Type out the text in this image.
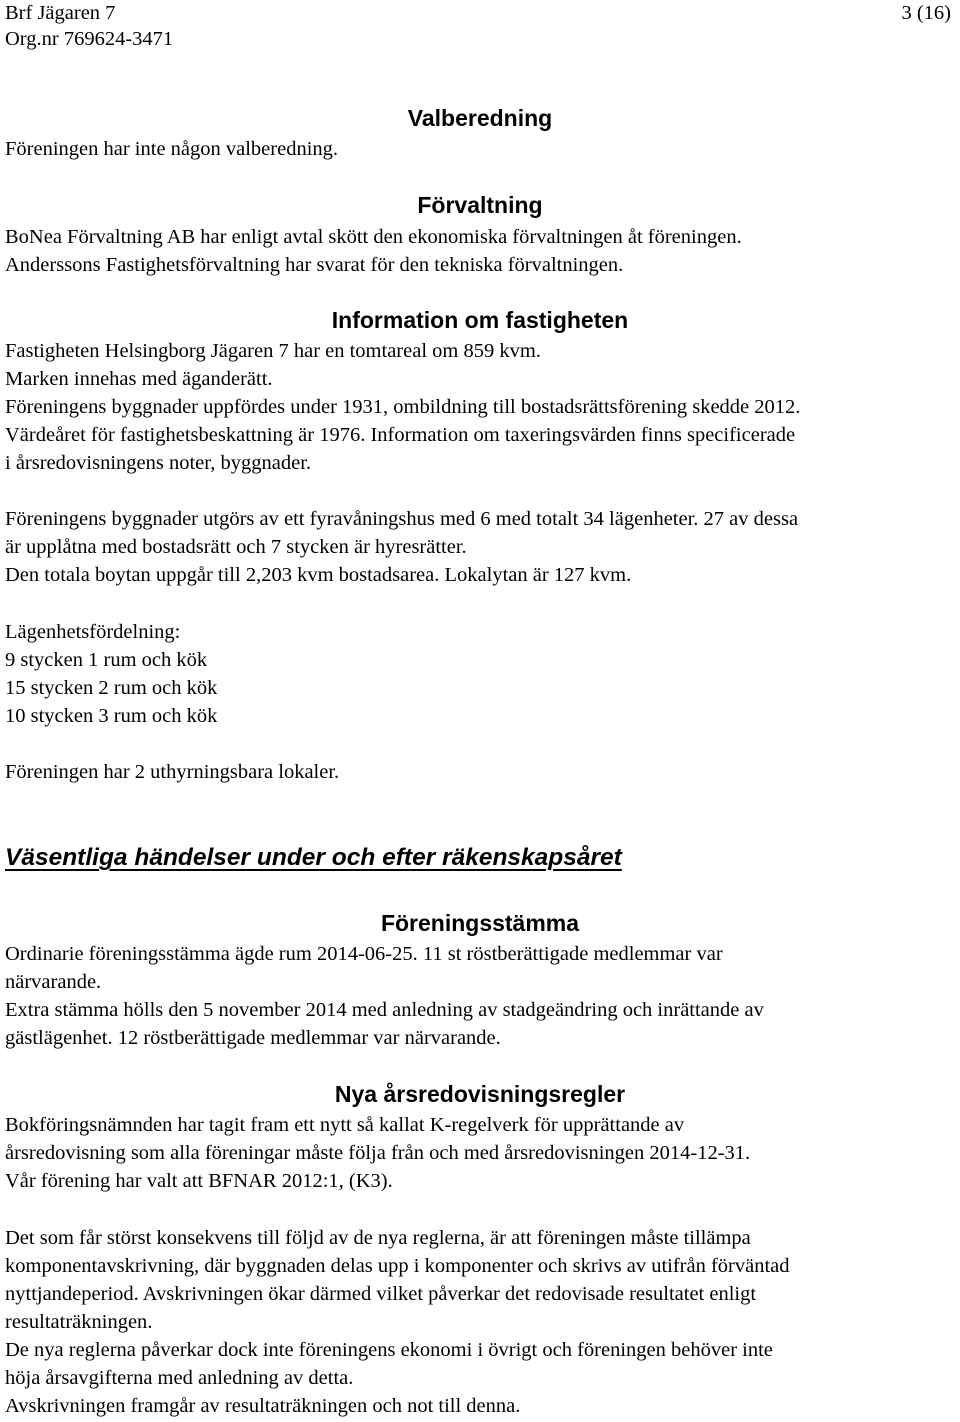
Brf Jägaren 7
Org.nr 769624-3471
3 (16)
Valberedning
Föreningen har inte någon valberedning.
Förvaltning
BoNea Förvaltning AB har enligt avtal skött den ekonomiska förvaltningen åt föreningen.
Anderssons Fastighetsförvaltning har svarat för den tekniska förvaltningen.
Information om fastigheten
Fastigheten Helsingborg Jägaren 7 har en tomtareal om 859 kvm.
Marken innehas med äganderätt.
Föreningens byggnader uppfördes under 1931, ombildning till bostadsrättsförening skedde 2012.
Värdeåret för fastighetsbeskattning är 1976. Information om taxeringsvärden finns specificerade
i årsredovisningens noter, byggnader.
Föreningens byggnader utgörs av ett fyravåningshus med 6 med totalt 34 lägenheter. 27 av dessa
är upplåtna med bostadsrätt och 7 stycken är hyresrätter.
Den totala boytan uppgår till 2,203 kvm bostadsarea. Lokalytan är 127 kvm.
Lägenhetsfördelning:
9 stycken 1 rum och kök
15 stycken 2 rum och kök
10 stycken 3 rum och kök
Föreningen har 2 uthyrningsbara lokaler.
Väsentliga händelser under och efter räkenskapsåret
Föreningsstämma
Ordinarie föreningsstämma ägde rum 2014-06-25. 11 st röstberättigade medlemmar var
närvarande.
Extra stämma hölls den 5 november 2014 med anledning av stadgeändring och inrättande av
gästlägenhet. 12 röstberättigade medlemmar var närvarande.
Nya årsredovisningsregler
Bokföringsnämnden har tagit fram ett nytt så kallat K-regelverk för upprättande av
årsredovisning som alla föreningar måste följa från och med årsredovisningen 2014-12-31.
Vår förening har valt att BFNAR 2012:1, (K3).
Det som får störst konsekvens till följd av de nya reglerna, är att föreningen måste tillämpa
komponentavskrivning, där byggnaden delas upp i komponenter och skrivs av utifrån förväntad
nyttjandeperiod. Avskrivningen ökar därmed vilket påverkar det redovisade resultatet enligt
resultaträkningen.
De nya reglerna påverkar dock inte föreningens ekonomi i övrigt och föreningen behöver inte
höja årsavgifterna med anledning av detta.
Avskrivningen framgår av resultaträkningen och not till denna.
